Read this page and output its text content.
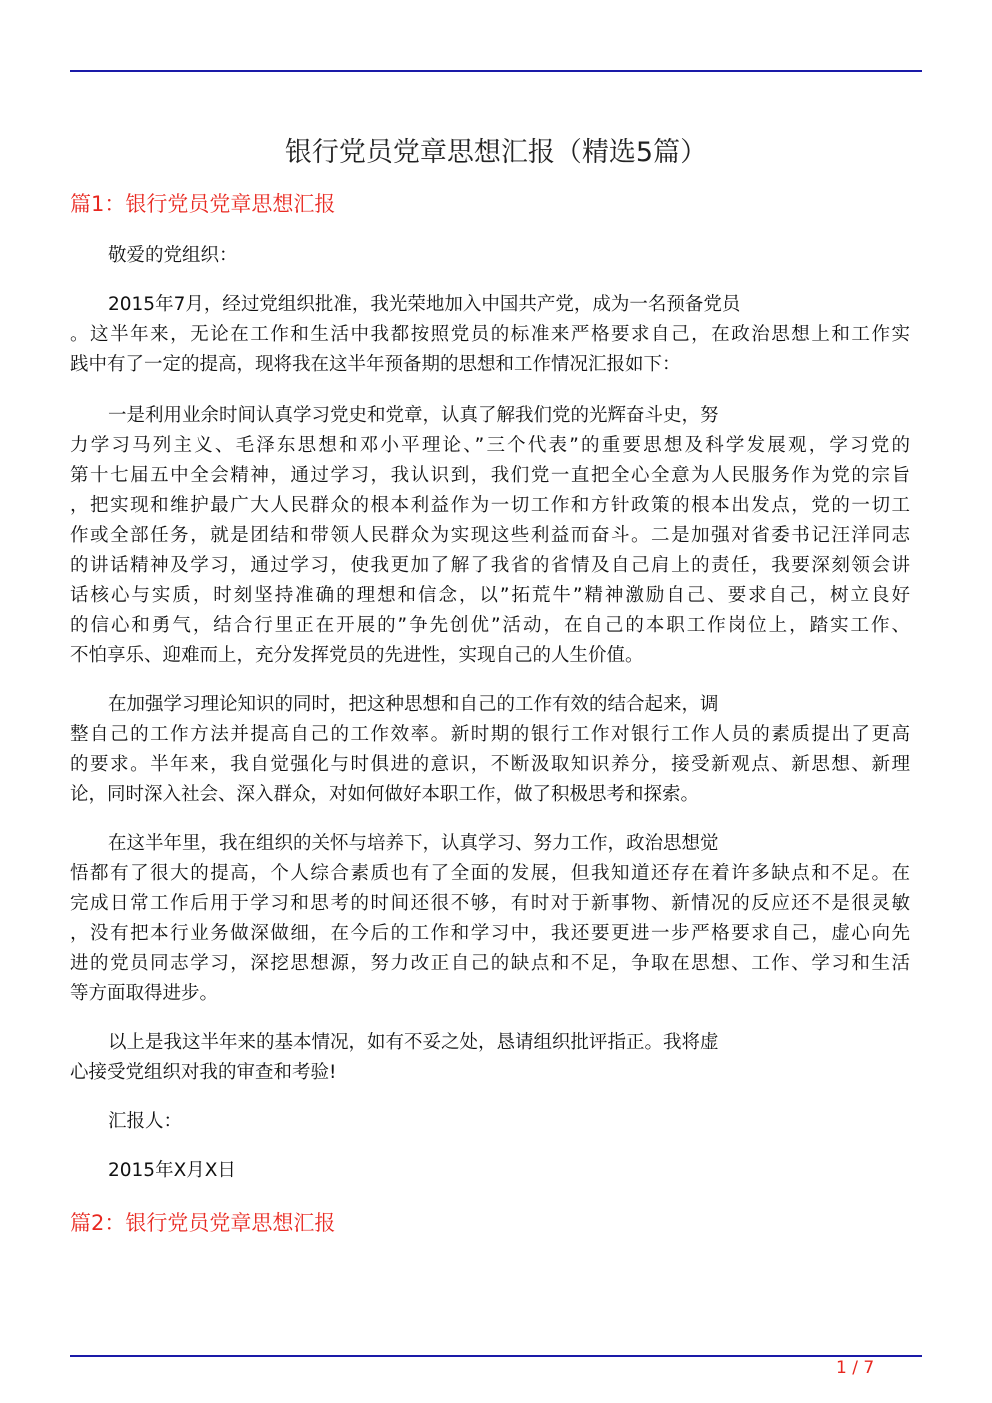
银行党员党章思想汇报（精选5篇）
篇1：银行党员党章思想汇报
敬爱的党组织：
2015年7月，经过党组织批准，我光荣地加入中国共产党，成为一名预备党员
。这半年来，无论在工作和生活中我都按照党员的标准来严格要求自己，在政治思想上和工作实
践中有了一定的提高，现将我在这半年预备期的思想和工作情况汇报如下：
一是利用业余时间认真学习党史和党章，认真了解我们党的光辉奋斗史，努
力学习马列主义、毛泽东思想和邓小平理论、”三个代表”的重要思想及科学发展观，学习党的
第十七届五中全会精神，通过学习，我认识到，我们党一直把全心全意为人民服务作为党的宗旨
，把实现和维护最广大人民群众的根本利益作为一切工作和方针政策的根本出发点，党的一切工
作或全部任务，就是团结和带领人民群众为实现这些利益而奋斗。二是加强对省委书记汪洋同志
的讲话精神及学习，通过学习，使我更加了解了我省的省情及自己肩上的责任，我要深刻领会讲
话核心与实质，时刻坚持准确的理想和信念，以”拓荒牛”精神激励自己、要求自己，树立良好
的信心和勇气，结合行里正在开展的”争先创优”活动，在自己的本职工作岗位上，踏实工作、
不怕享乐、迎难而上，充分发挥党员的先进性，实现自己的人生价值。
在加强学习理论知识的同时，把这种思想和自己的工作有效的结合起来，调
整自己的工作方法并提高自己的工作效率。新时期的银行工作对银行工作人员的素质提出了更高
的要求。半年来，我自觉强化与时俱进的意识，不断汲取知识养分，接受新观点、新思想、新理
论，同时深入社会、深入群众，对如何做好本职工作，做了积极思考和探索。
在这半年里，我在组织的关怀与培养下，认真学习、努力工作，政治思想觉
悟都有了很大的提高，个人综合素质也有了全面的发展，但我知道还存在着许多缺点和不足。在
完成日常工作后用于学习和思考的时间还很不够，有时对于新事物、新情况的反应还不是很灵敏
，没有把本行业务做深做细，在今后的工作和学习中，我还要更进一步严格要求自己，虚心向先
进的党员同志学习，深挖思想源，努力改正自己的缺点和不足，争取在思想、工作、学习和生活
等方面取得进步。
以上是我这半年来的基本情况，如有不妥之处，恳请组织批评指正。我将虚
心接受党组织对我的审查和考验!
汇报人：
2015年X月X日
篇2：银行党员党章思想汇报
1 / 7
